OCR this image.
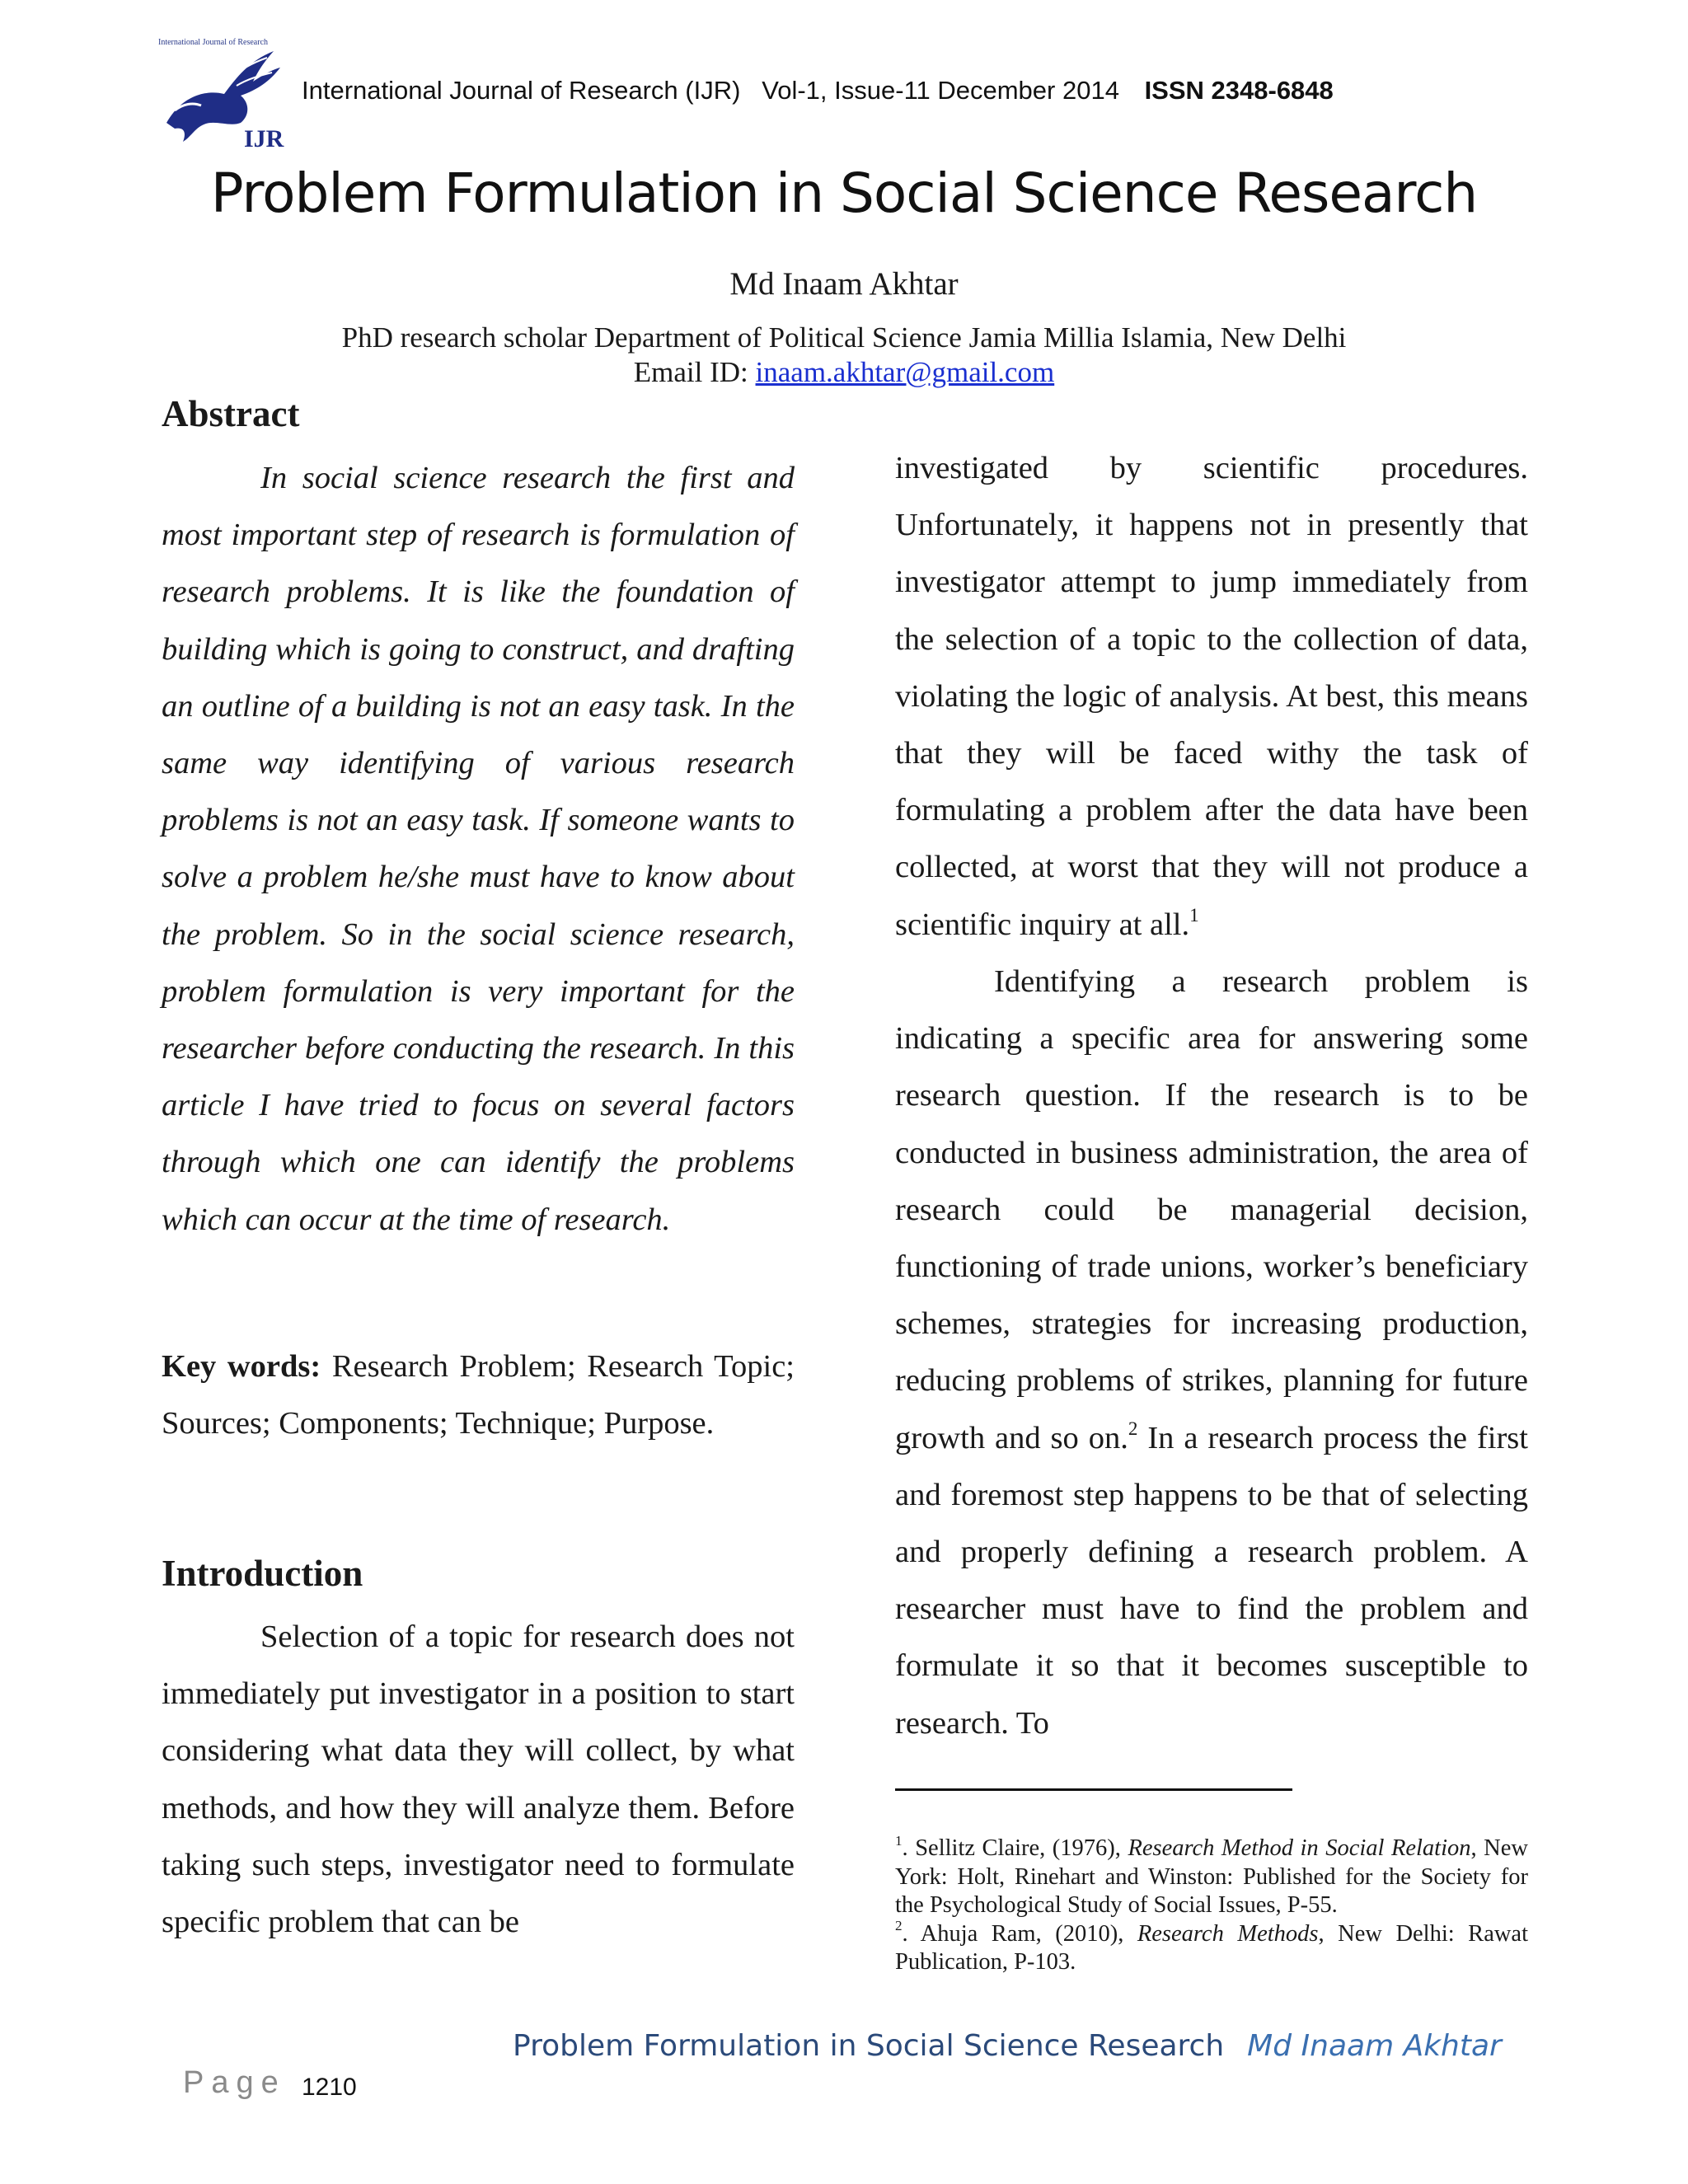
International Journal of Research
IJR
International Journal of Research (IJR) Vol-1, Issue-11 December 2014 ISSN 2348-6848
Problem Formulation in Social Science Research
Md Inaam Akhtar
PhD research scholar Department of Political Science Jamia Millia Islamia, New Delhi
Email ID: inaam.akhtar@gmail.com
Abstract

In social science research the first and most important step of research is formulation of research problems. It is like the foundation of building which is going to construct, and drafting an outline of a building is not an easy task. In the same way identifying of various research problems is not an easy task. If someone wants to solve a problem he/she must have to know about the problem. So in the social science research, problem formulation is very important for the researcher before conducting the research. In this article I have tried to focus on several factors through which one can identify the problems which can occur at the time of research.

Key words: Research Problem; Research Topic; Sources; Components; Technique; Purpose.

Introduction

Selection of a topic for research does not immediately put investigator in a position to start considering what data they will collect, by what methods, and how they will analyze them. Before taking such steps, investigator need to formulate specific problem that can be

investigated by scientific procedures. Unfortunately, it happens not in presently that investigator attempt to jump immediately from the selection of a topic to the collection of data, violating the logic of analysis. At best, this means that they will be faced withy the task of formulating a problem after the data have been collected, at worst that they will not produce a scientific inquiry at all.$^1$

Identifying a research problem is indicating a specific area for answering some research question. If the research is to be conducted in business administration, the area of research could be managerial decision, functioning of trade unions, worker’s beneficiary schemes, strategies for increasing production, reducing problems of strikes, planning for future growth and so on.$^2$ In a research process the first and foremost step happens to be that of selecting and properly defining a research problem. A researcher must have to find the problem and formulate it so that it becomes susceptible to research. To

$^1$. Sellitz Claire, (1976), Research Method in Social Relation, New York: Holt, Rinehart and Winston: Published for the Society for the Psychological Study of Social Issues, P-55.

$^2$. Ahuja Ram, (2010), Research Methods, New Delhi: Rawat Publication, P-103.

Problem Formulation in Social Science Research Md Inaam Akhtar
Page 1210
